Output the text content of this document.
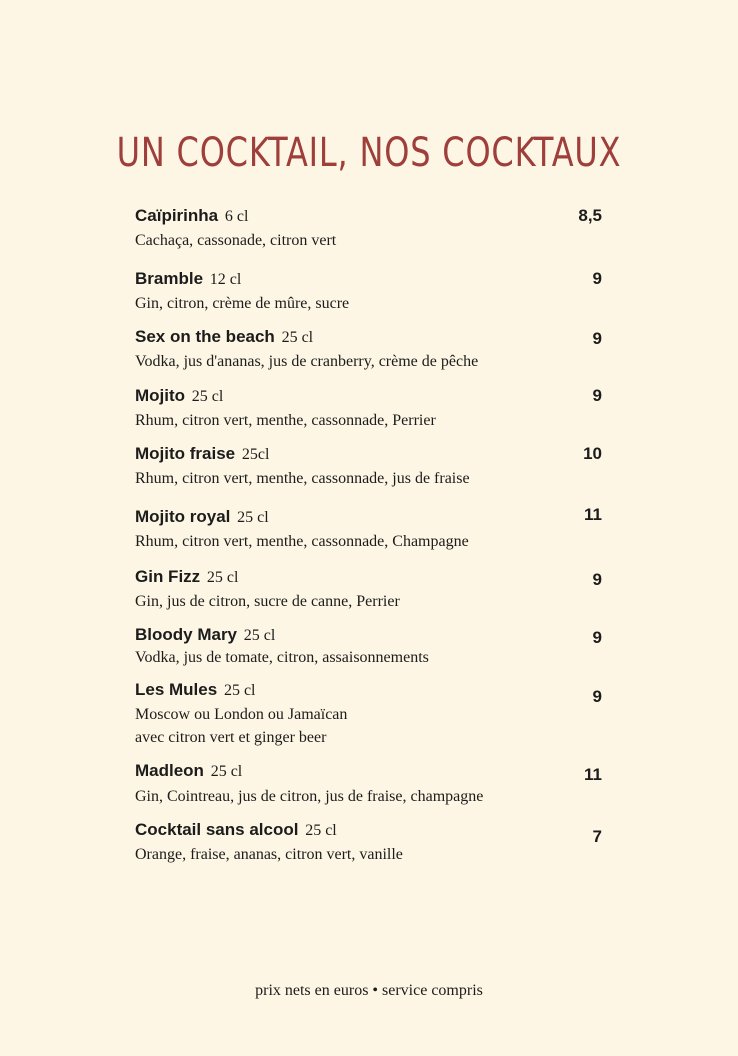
UN COCKTAIL, NOS COCKTAUX
Caïpirinha 6 cl
Cachaça, cassonade, citron vert
8,5
Bramble 12 cl
Gin, citron, crème de mûre, sucre
9
Sex on the beach 25 cl
Vodka, jus d'ananas, jus de cranberry, crème de pêche
9
Mojito 25 cl
Rhum, citron vert, menthe, cassonnade, Perrier
9
Mojito fraise 25cl
Rhum, citron vert, menthe, cassonnade, jus de fraise
10
Mojito royal 25 cl
Rhum, citron vert, menthe, cassonnade, Champagne
11
Gin Fizz 25 cl
Gin, jus de citron, sucre de canne, Perrier
9
Bloody Mary 25 cl
Vodka, jus de tomate, citron, assaisonnements
9
Les Mules 25 cl
Moscow ou London ou Jamaïcan
avec citron vert et ginger beer
9
Madleon 25 cl
Gin, Cointreau, jus de citron, jus de fraise, champagne
11
Cocktail sans alcool 25 cl
Orange, fraise, ananas, citron vert, vanille
7
prix nets en euros • service compris
